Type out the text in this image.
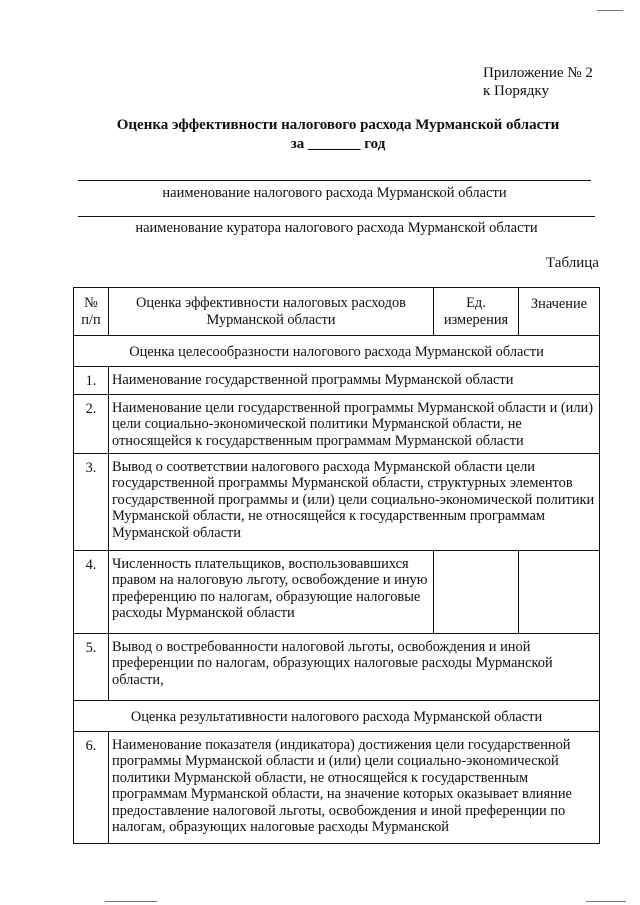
Приложение № 2
к Порядку
Оценка эффективности налогового расхода Мурманской области
за _______ год
наименование налогового расхода Мурманской области
наименование куратора налогового расхода Мурманской области
Таблица
№ п/п	Оценка эффективности налоговых расходов Мурманской области	Ед. измерения	Значение
Оценка целесообразности налогового расхода Мурманской области			
1.	Наименование государственной программы Мурманской области		
2.	Наименование цели государственной программы Мурманской области и (или) цели социально-экономической политики Мурманской области, не относящейся к государственным программам Мурманской области		
3.	Вывод о соответствии налогового расхода Мурманской области цели государственной программы Мурманской области, структурных элементов государственной программы и (или) цели социально-экономической политики Мурманской области, не относящейся к государственным программам Мурманской области		
4.	Численность плательщиков, воспользовавшихся правом на налоговую льготу, освобождение и иную преференцию по налогам, образующие налоговые расходы Мурманской области		
5.	Вывод о востребованности налоговой льготы, освобождения и иной преференции по налогам, образующих налоговые расходы Мурманской области,		
Оценка результативности налогового расхода Мурманской области			
6.	Наименование показателя (индикатора) достижения цели государственной программы Мурманской области и (или) цели социально-экономической политики Мурманской области, не относящейся к государственным программам Мурманской области, на значение которых оказывает влияние предоставление налоговой льготы, освобождения и иной преференции по налогам, образующих налоговые расходы Мурманской		
